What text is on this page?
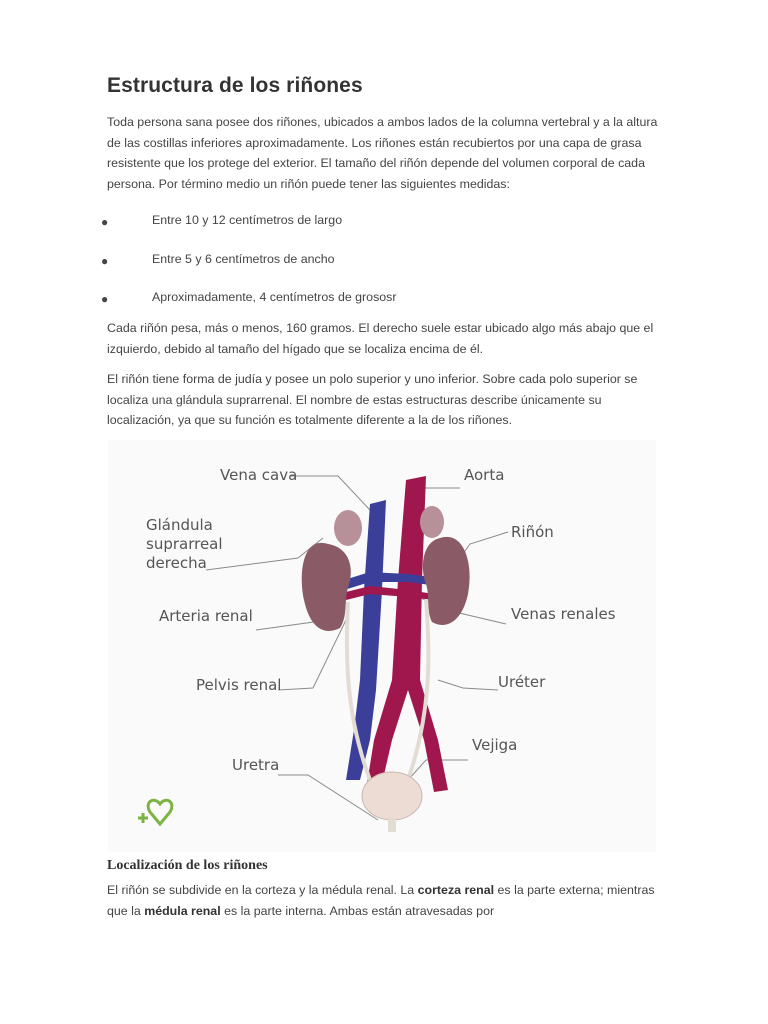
Estructura de los riñones

Toda persona sana posee dos riñones, ubicados a ambos lados de la columna vertebral y a la altura de las costillas inferiores aproximadamente. Los riñones están recubiertos por una capa de grasa resistente que los protege del exterior. El tamaño del riñón depende del volumen corporal de cada persona. Por término medio un riñón puede tener las siguientes medidas:

●	Entre 10 y 12 centímetros de largo
●	Entre 5 y 6 centímetros de ancho
●	Aproximadamente, 4 centímetros de grososr

Cada riñón pesa, más o menos, 160 gramos. El derecho suele estar ubicado algo más abajo que el izquierdo, debido al tamaño del hígado que se localiza encima de él.

El riñón tiene forma de judía y posee un polo superior y uno inferior. Sobre cada polo superior se localiza una glándula suprarrenal. El nombre de estas estructuras describe únicamente su localización, ya que su función es totalmente diferente a la de los riñones.

Vena cava	Aorta
Glándula
suprarreal
derecha
Riñón
Arteria renal	Venas renales
Pelvis renal	Uréter
Vejiga
Uretra
Localización de los riñones

El riñón se subdivide en la corteza y la médula renal. La corteza renal es la parte externa; mientras que la médula renal es la parte interna. Ambas están atravesadas por
